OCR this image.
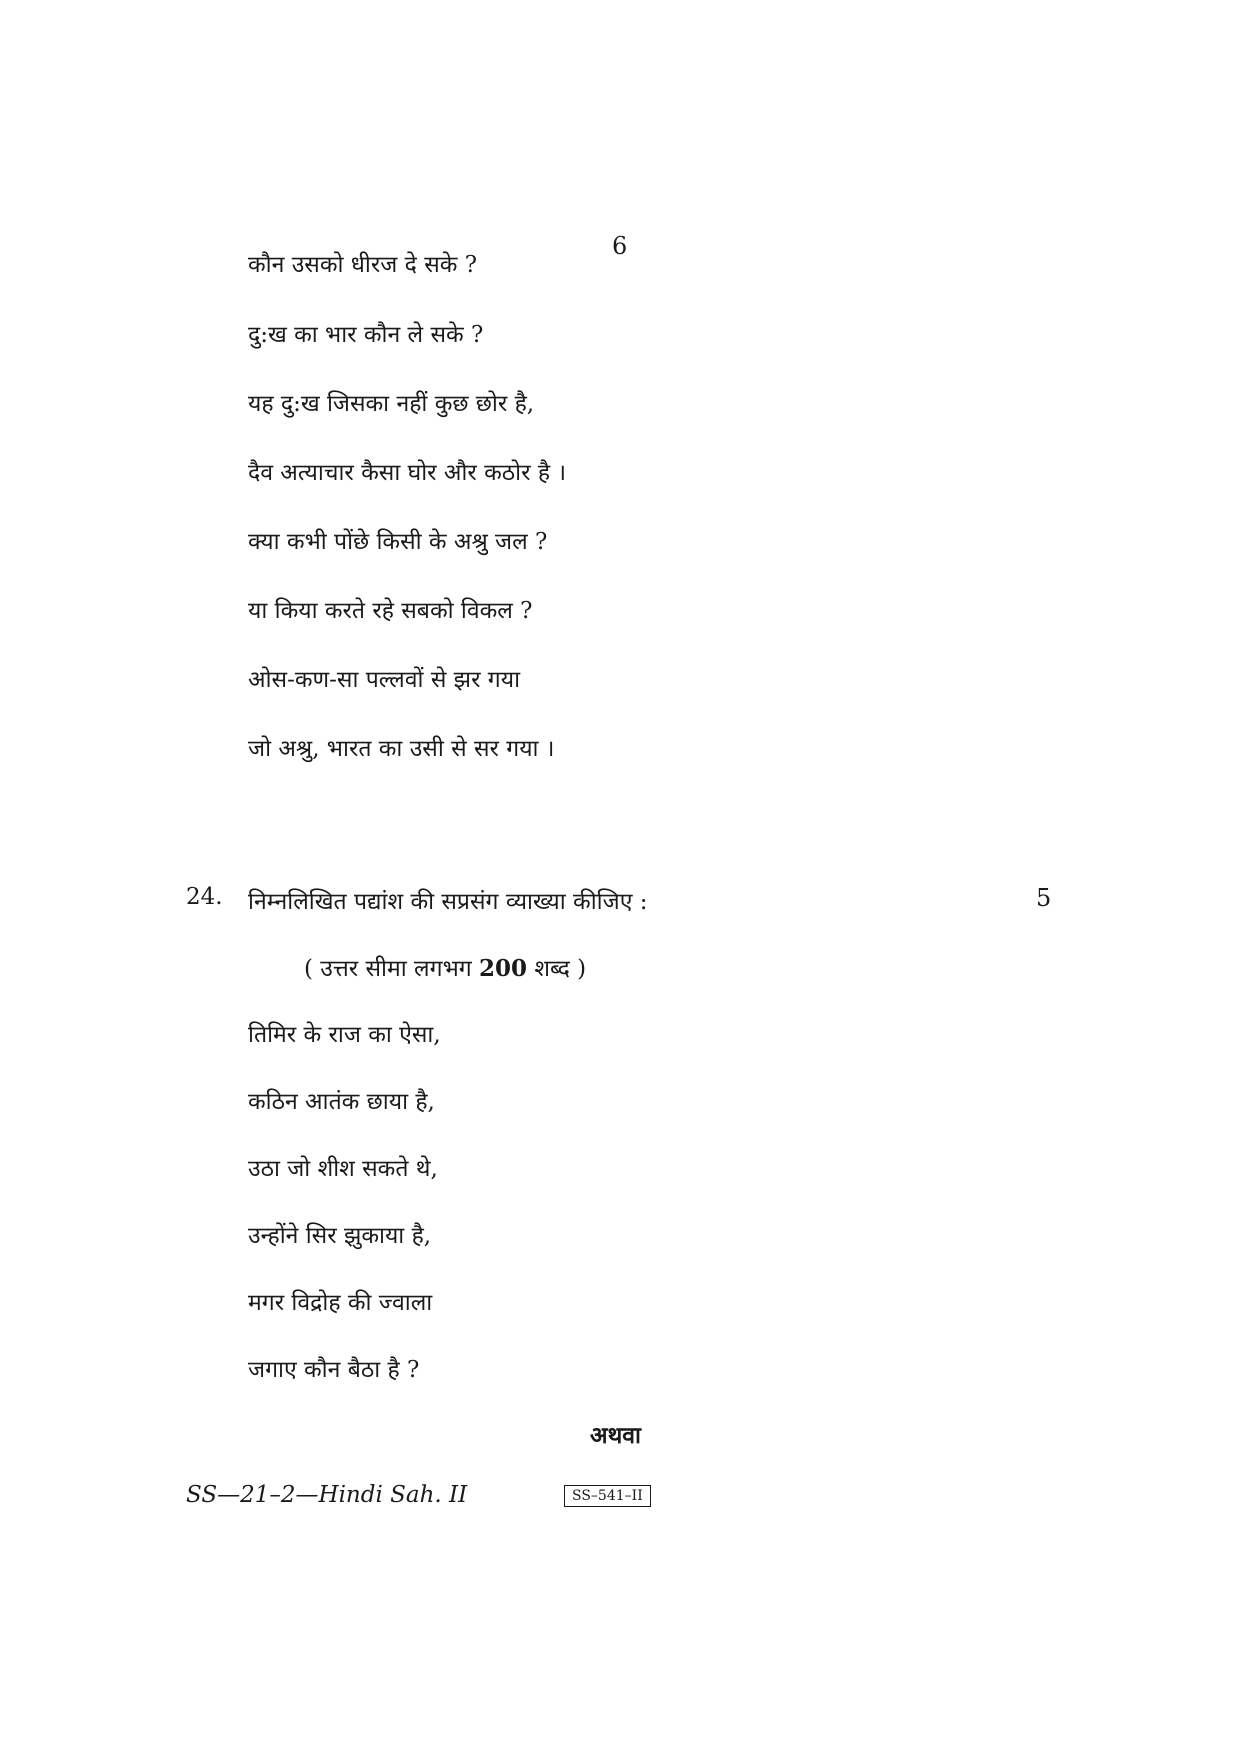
6
कौन उसको धीरज दे सके ?
दु:ख का भार कौन ले सके ?
यह दु:ख जिसका नहीं कुछ छोर है,
दैव अत्याचार कैसा घोर और कठोर है ।
क्या कभी पोंछे किसी के अश्रु जल ?
या किया करते रहे सबको विकल ?
ओस-कण-सा पल्लवों से झर गया
जो अश्रु, भारत का उसी से सर गया ।
24. निम्नलिखित पद्यांश की सप्रसंग व्याख्या कीजिए :	5
( उत्तर सीमा लगभग 200 शब्द )
तिमिर के राज का ऐसा,
कठिन आतंक छाया है,
उठा जो शीश सकते थे,
उन्होंने सिर झुकाया है,
मगर विद्रोह की ज्वाला
जगाए कौन बैठा है ?
अथवा
SS—21–2—Hindi Sah. II	SS–541–II
